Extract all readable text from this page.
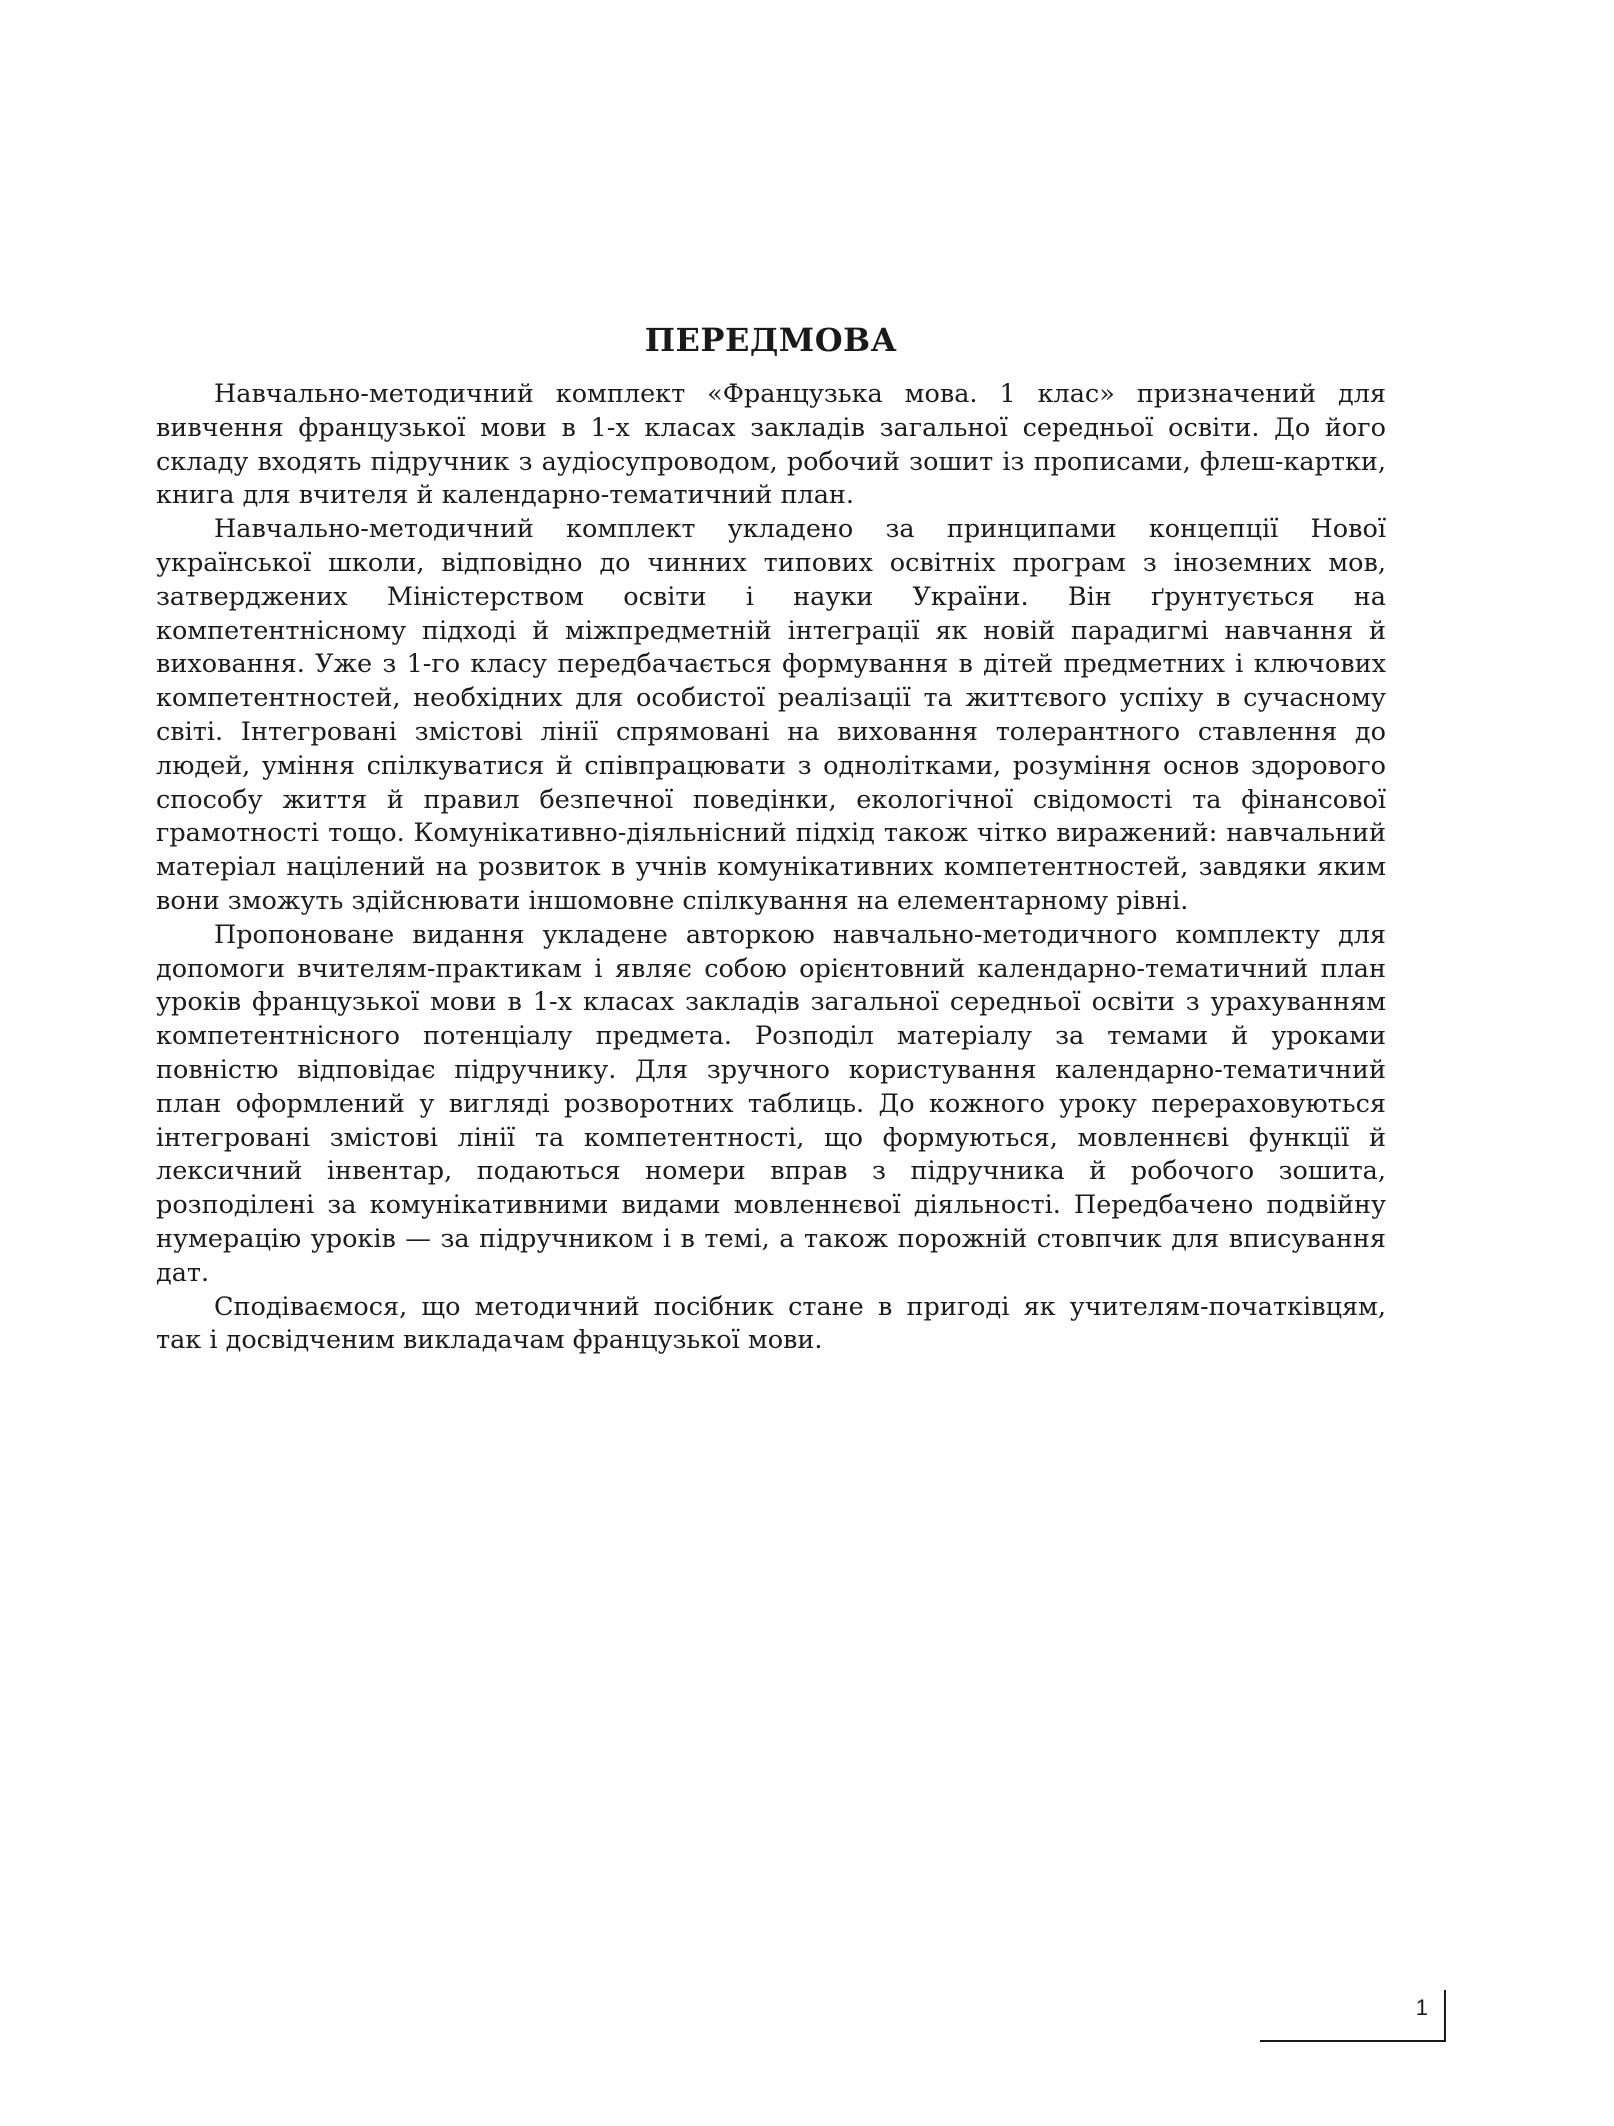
ПЕРЕДМОВА

Навчально-методичний комплект «Французька мова. 1 клас» призначений для вивчення французької мови в 1-х класах закладів загальної середньої освіти. До його складу входять підручник з аудіосупроводом, робочий зошит із прописами, флеш-картки, книга для вчителя й календарно-тематичний план.

Навчально-методичний комплект укладено за принципами концепції Нової української школи, відповідно до чинних типових освітніх програм з іноземних мов, затверджених Міністерством освіти і науки України. Він ґрунтується на компетентнісному підході й міжпредметній інтеграції як новій парадигмі навчання й виховання. Уже з 1-го класу передбачається формування в дітей предметних і ключових компетентностей, необхідних для особистої реалізації та життєвого успіху в сучасному світі. Інтегровані змістові лінії спрямовані на виховання толерантного ставлення до людей, уміння спілкуватися й співпрацювати з однолітками, розуміння основ здорового способу життя й правил безпечної поведінки, екологічної свідомості та фінансової грамотності тощо. Комунікативно-діяльнісний підхід також чітко виражений: навчальний матеріал націлений на розвиток в учнів комунікативних компетентностей, завдяки яким вони зможуть здійснювати іншомовне спілкування на елементарному рівні.

Пропоноване видання укладене авторкою навчально-методичного комплекту для допомоги вчителям-практикам і являє собою орієнтовний календарно-тематичний план уроків французької мови в 1-х класах закладів загальної середньої освіти з урахуванням компетентнісного потенціалу предмета. Розподіл матеріалу за темами й уроками повністю відповідає підручнику. Для зручного користування календарно-тематичний план оформлений у вигляді розворотних таблиць. До кожного уроку перераховуються інтегровані змістові лінії та компетентності, що формуються, мовленнєві функції й лексичний інвентар, подаються номери вправ з підручника й робочого зошита, розподілені за комунікативними видами мовленнєвої діяльності. Передбачено подвійну нумерацію уроків — за підручником і в темі, а також порожній стовпчик для вписування дат.

Сподіваємося, що методичний посібник стане в пригоді як учителям-початківцям, так і досвідченим викладачам французької мови.

1
